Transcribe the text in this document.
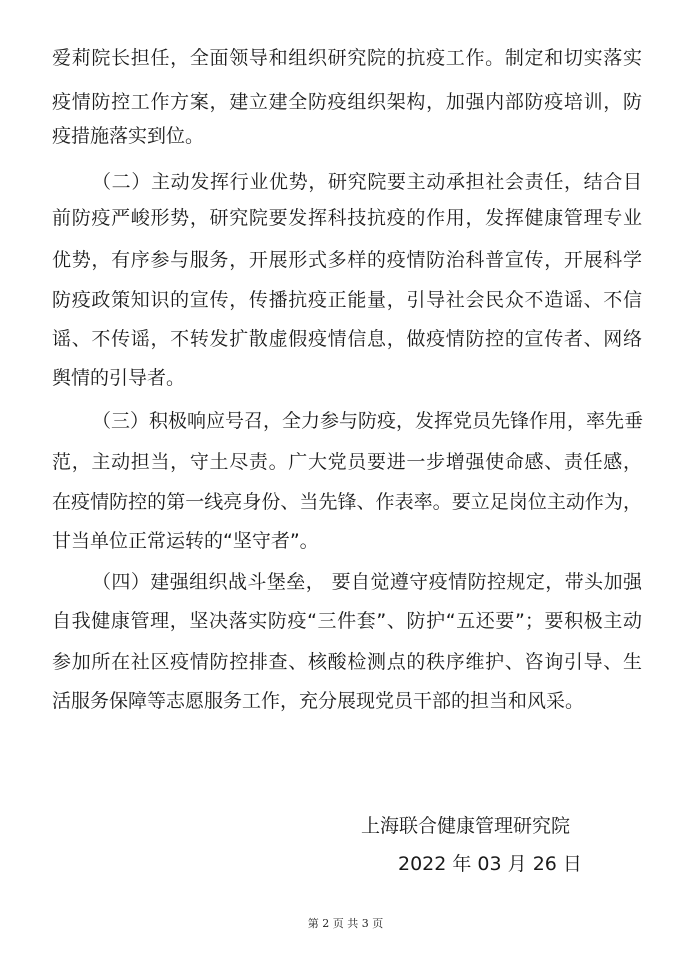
爱莉院长担任，全面领导和组织研究院的抗疫工作。制定和切实落实
疫情防控工作方案，建立建全防疫组织架构，加强内部防疫培训，防
疫措施落实到位。
（二）主动发挥行业优势，研究院要主动承担社会责任，结合目
前防疫严峻形势，研究院要发挥科技抗疫的作用，发挥健康管理专业
优势，有序参与服务，开展形式多样的疫情防治科普宣传，开展科学
防疫政策知识的宣传，传播抗疫正能量，引导社会民众不造谣、不信
谣、不传谣，不转发扩散虚假疫情信息，做疫情防控的宣传者、网络
舆情的引导者。
（三）积极响应号召，全力参与防疫，发挥党员先锋作用，率先垂
范，主动担当，守土尽责。广大党员要进一步增强使命感、责任感，
在疫情防控的第一线亮身份、当先锋、作表率。要立足岗位主动作为，
甘当单位正常运转的“坚守者”。
（四）建强组织战斗堡垒， 要自觉遵守疫情防控规定，带头加强
自我健康管理，坚决落实防疫“三件套”、防护“五还要”；要积极主动
参加所在社区疫情防控排查、核酸检测点的秩序维护、咨询引导、生
活服务保障等志愿服务工作，充分展现党员干部的担当和风采。
上海联合健康管理研究院
2022 年 03 月 26 日
第 2 页 共 3 页
